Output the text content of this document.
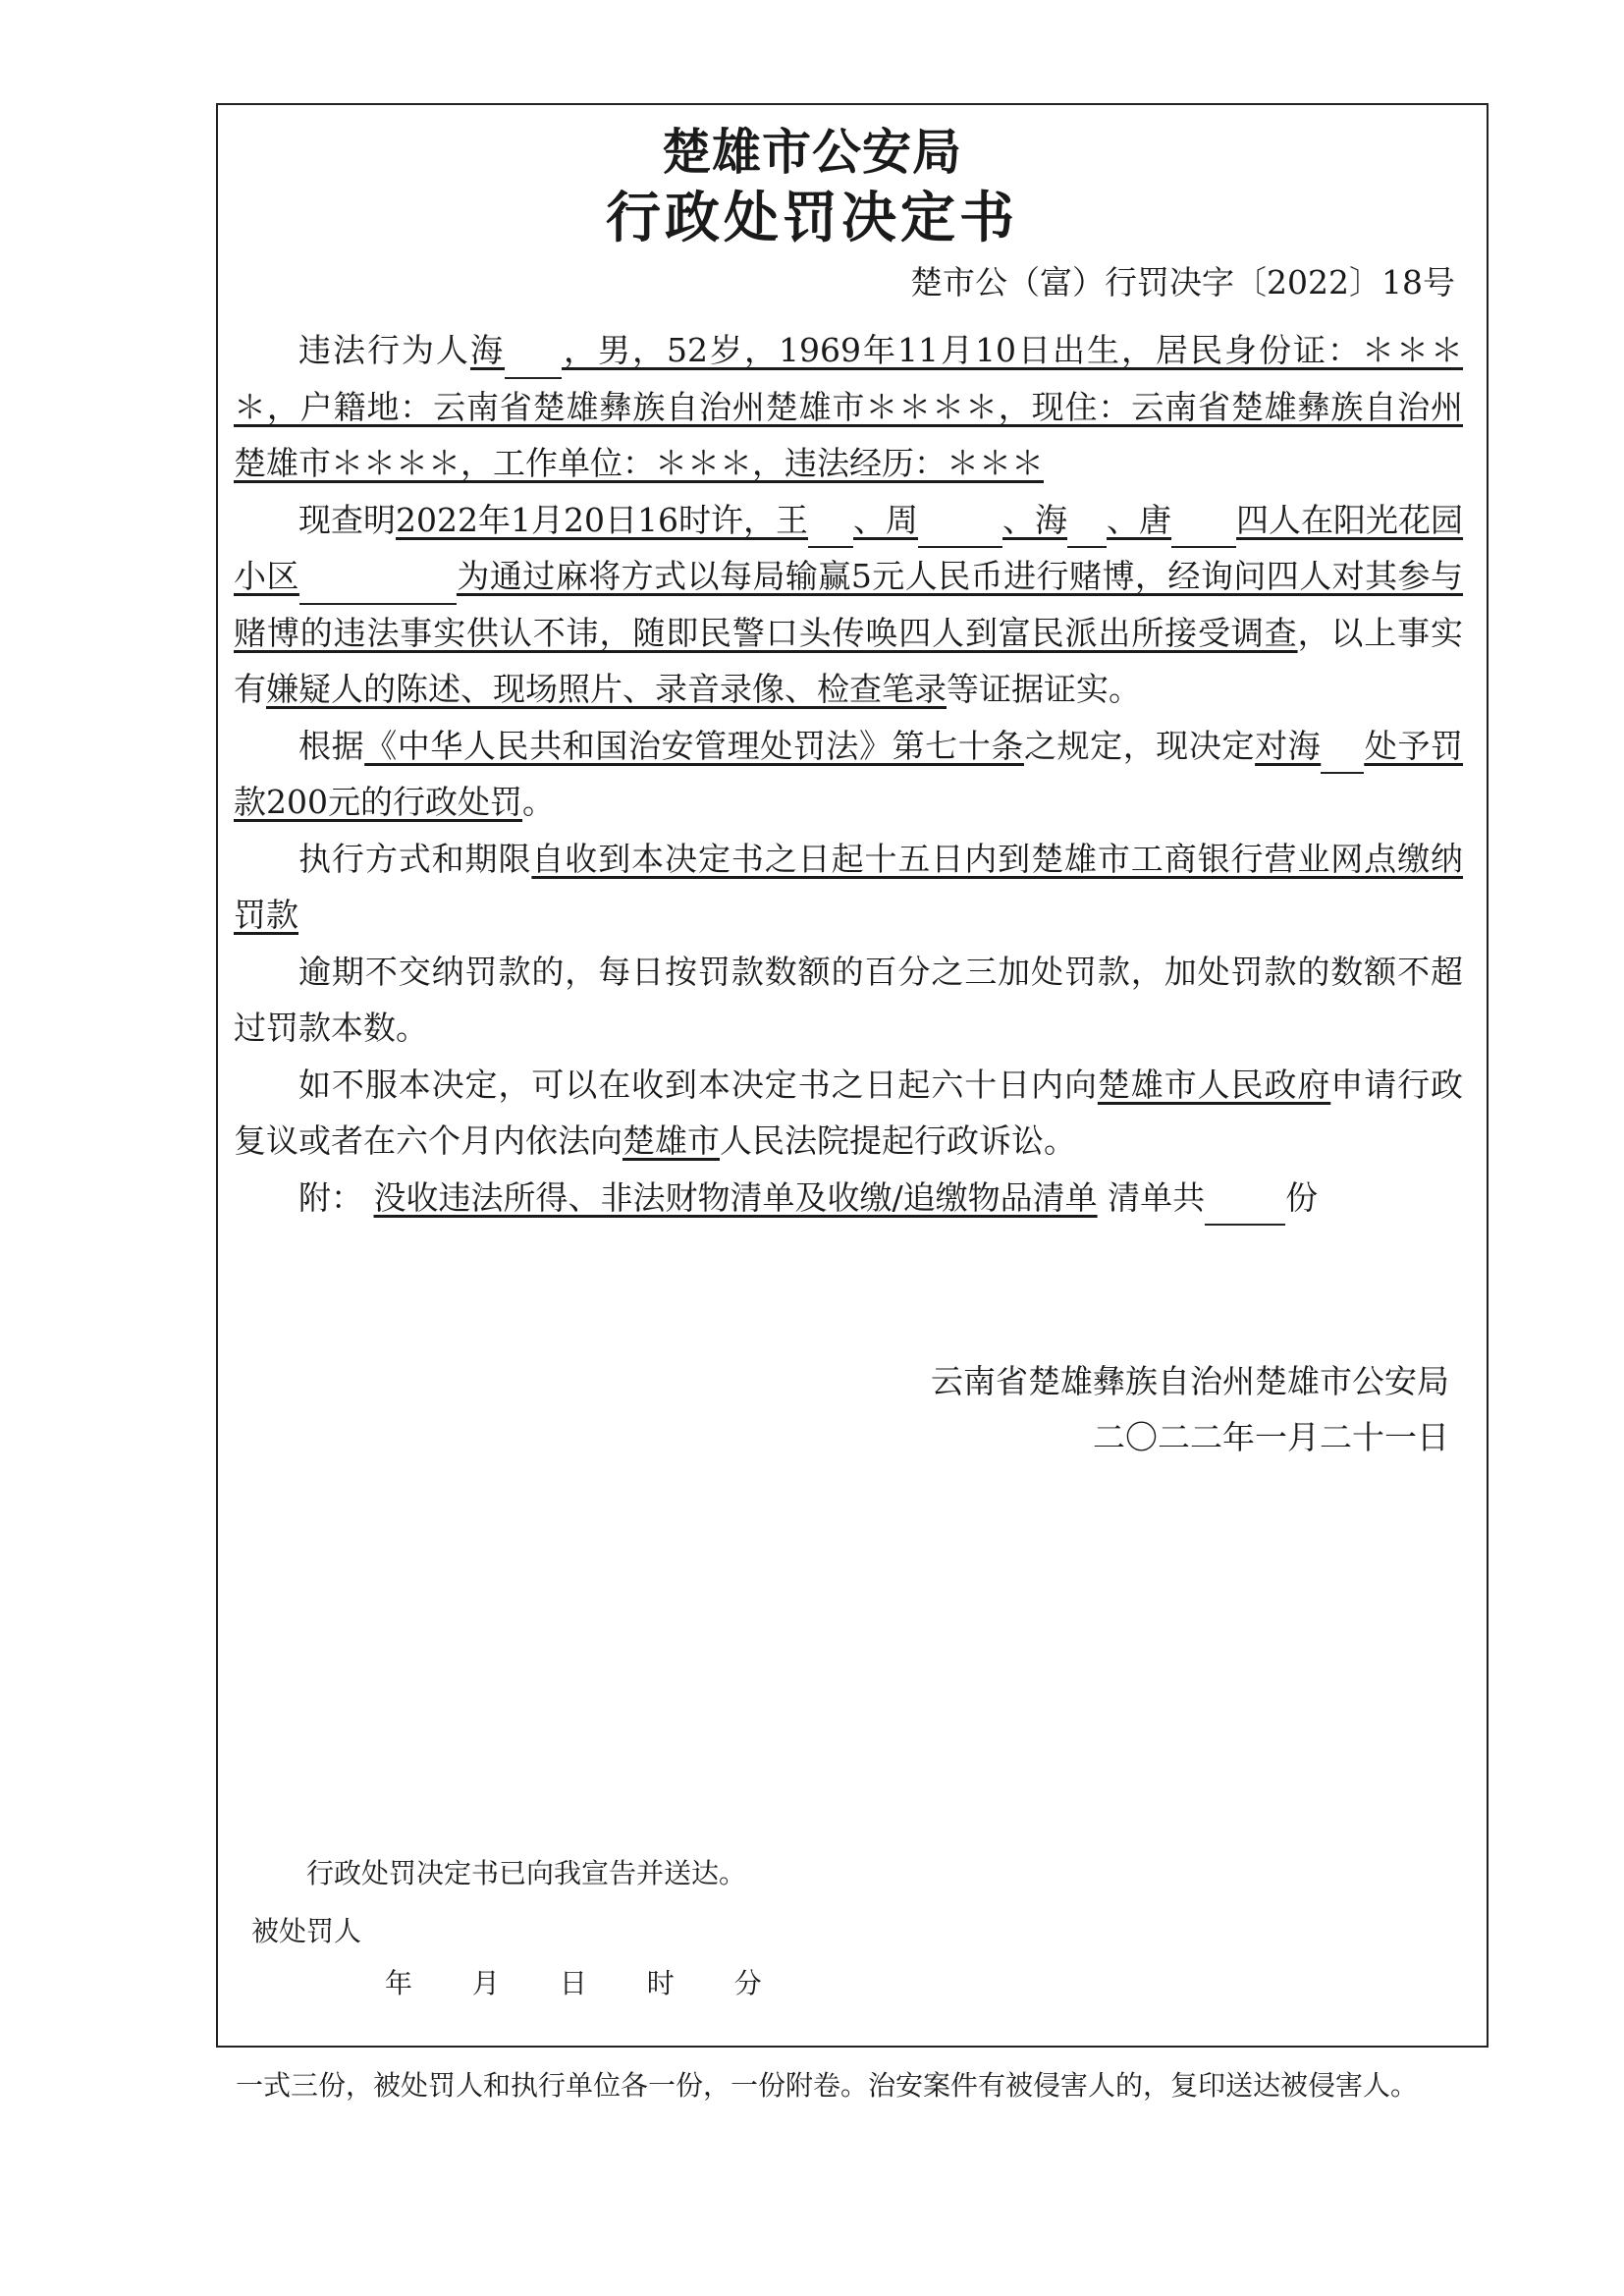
楚雄市公安局
行政处罚决定书
楚市公（富）行罚决字〔2022〕18号

违法行为人海 ，男，52岁，1969年11月10日出生，居民身份证：＊＊＊＊，户籍地：云南省楚雄彝族自治州楚雄市＊＊＊＊，现住：云南省楚雄彝族自治州楚雄市＊＊＊＊，工作单位：＊＊＊，违法经历：＊＊＊

现查明2022年1月20日16时许，王 、周	、海 、唐 四人在阳光花园小区	为通过麻将方式以每局输赢5元人民币进行赌博，经询问四人对其参与赌博的违法事实供认不讳，随即民警口头传唤四人到富民派出所接受调查，以上事实有嫌疑人的陈述、现场照片、录音录像、检查笔录等证据证实。

根据《中华人民共和国治安管理处罚法》第七十条之规定，现决定对海 处予罚款200元的行政处罚。

执行方式和期限自收到本决定书之日起十五日内到楚雄市工商银行营业网点缴纳罚款

逾期不交纳罚款的，每日按罚款数额的百分之三加处罚款，加处罚款的数额不超过罚款本数。

如不服本决定，可以在收到本决定书之日起六十日内向楚雄市人民政府申请行政复议或者在六个月内依法向楚雄市人民法院提起行政诉讼。

附： 没收违法所得、非法财物清单及收缴/追缴物品清单 清单共 份

云南省楚雄彝族自治州楚雄市公安局
二〇二二年一月二十一日
行政处罚决定书已向我宣告并送达。
被处罚人
年 月 日 时 分
一式三份，被处罚人和执行单位各一份，一份附卷。治安案件有被侵害人的，复印送达被侵害人。
